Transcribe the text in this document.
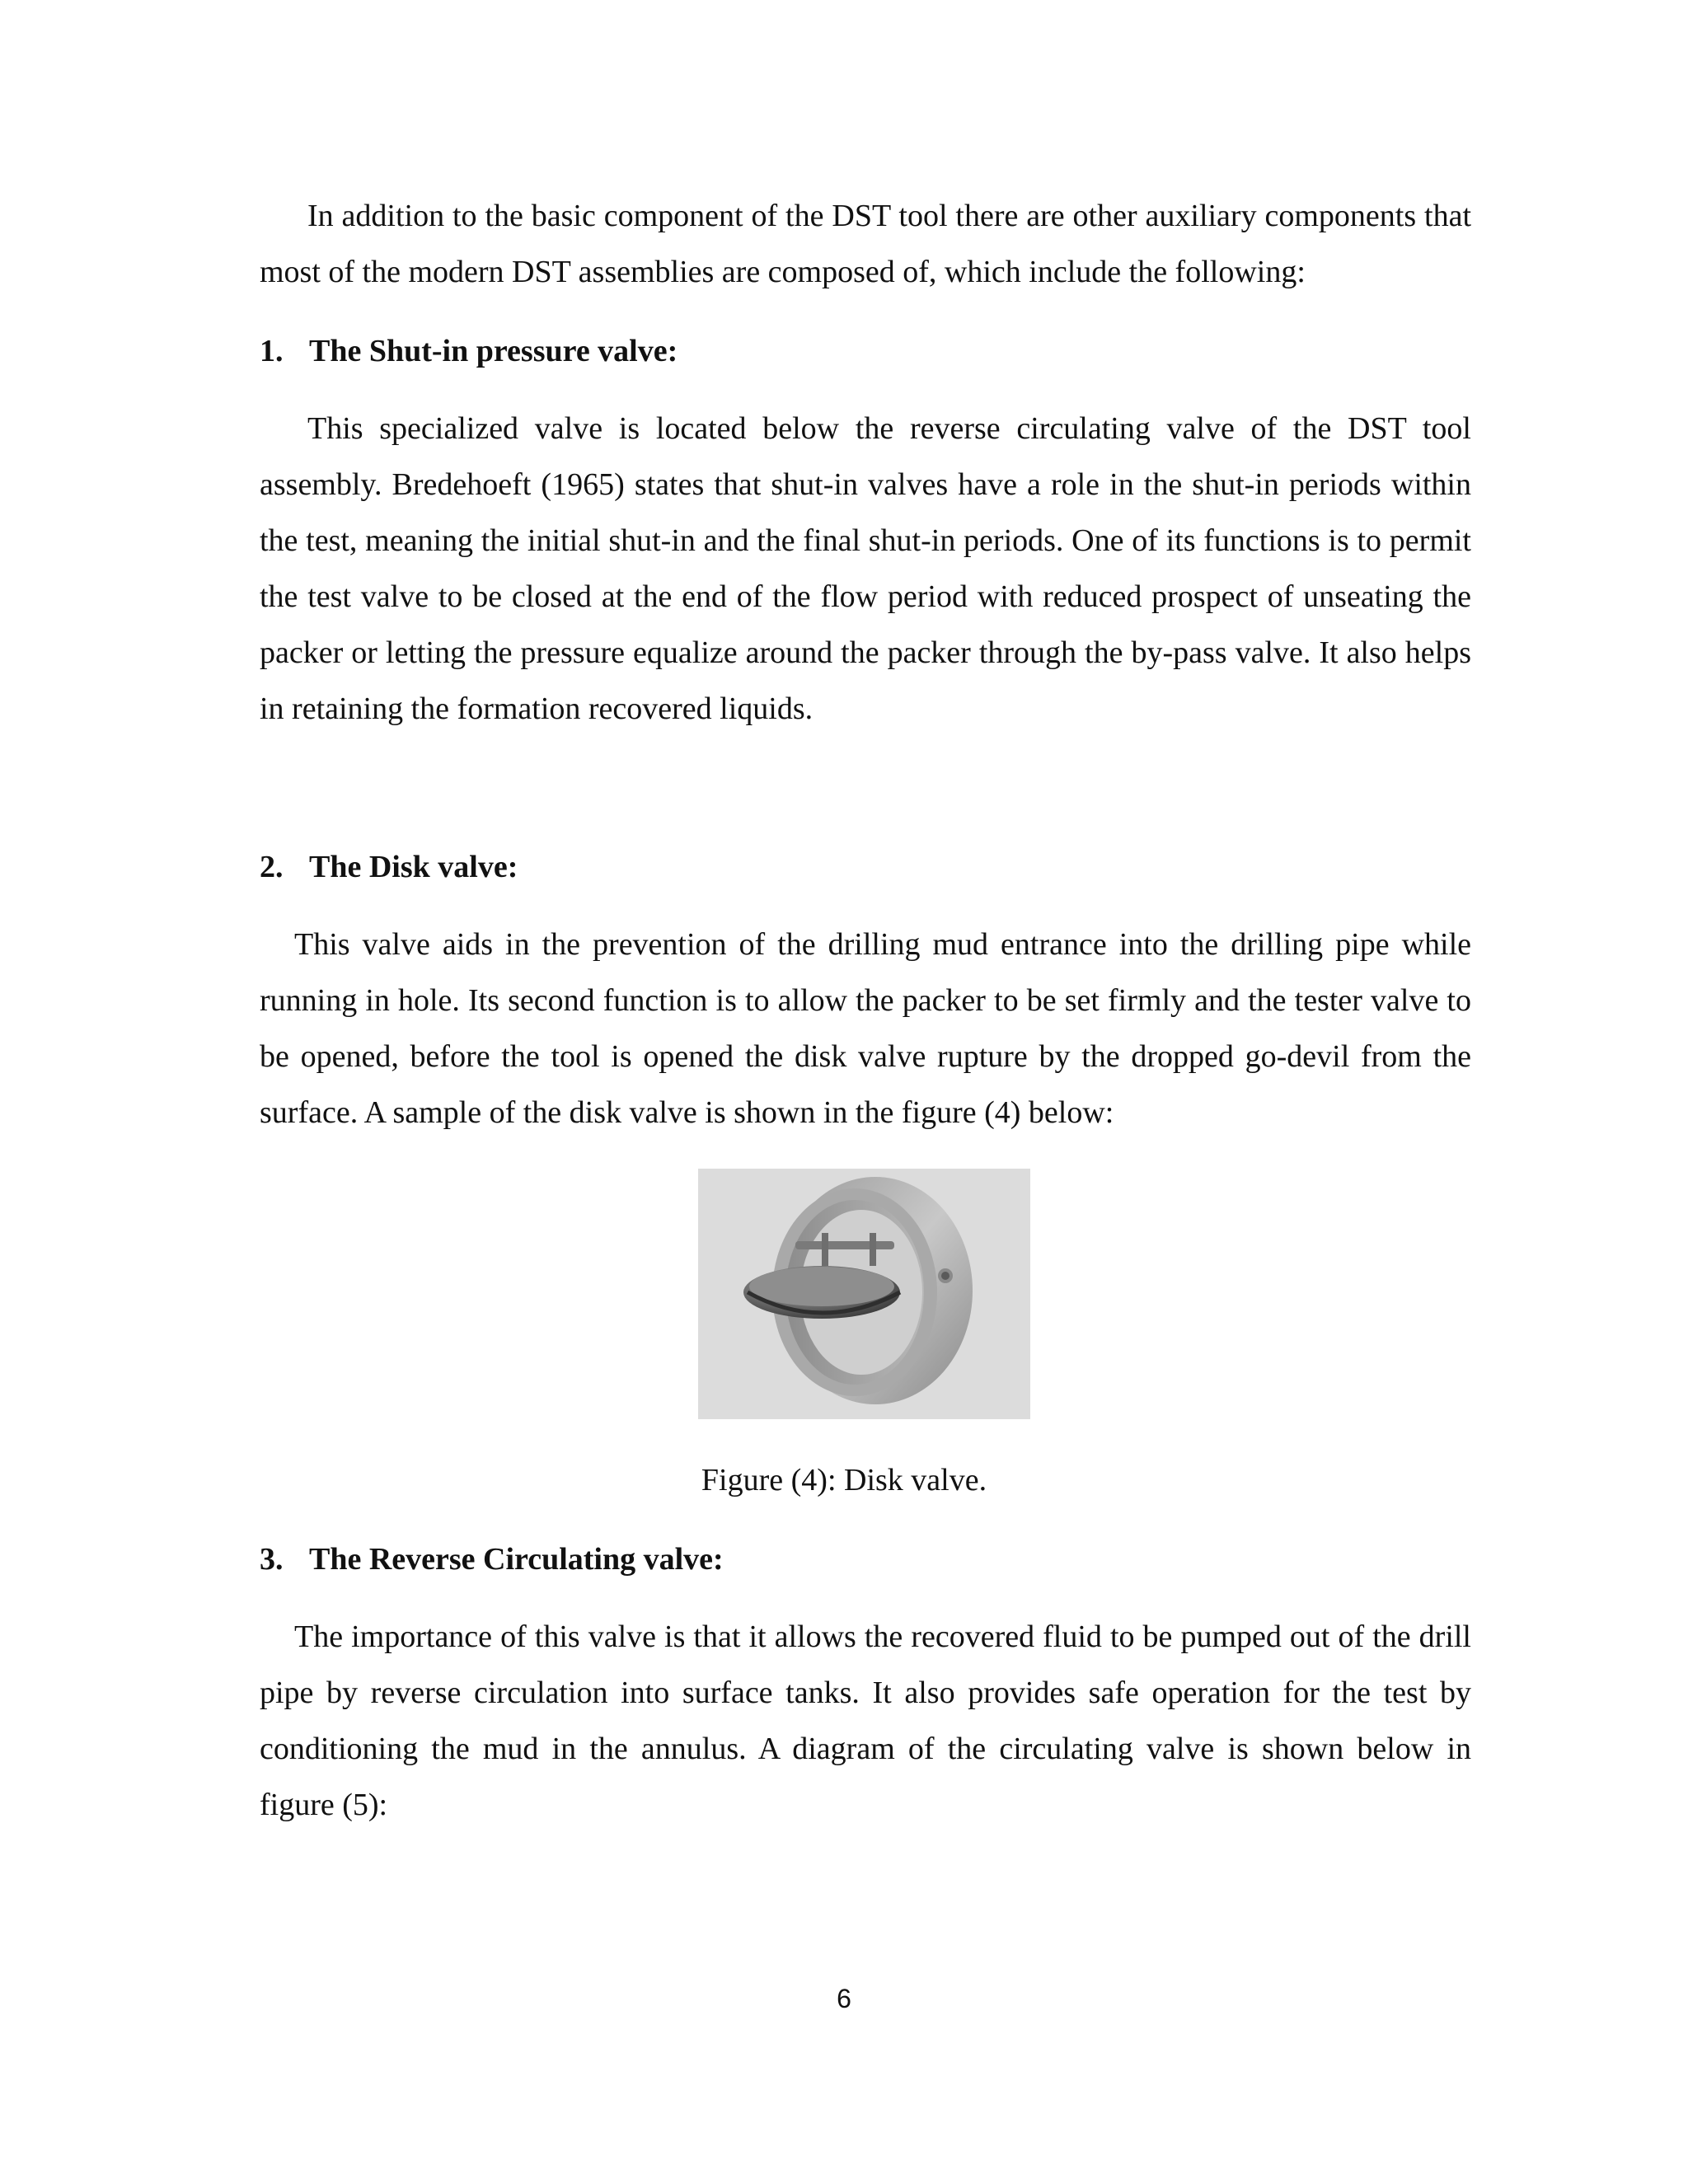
In addition to the basic component of the DST tool there are other auxiliary components that most of the modern DST assemblies are composed of, which include the following:

1. The Shut-in pressure valve:

This specialized valve is located below the reverse circulating valve of the DST tool assembly. Bredehoeft (1965) states that shut-in valves have a role in the shut-in periods within the test, meaning the initial shut-in and the final shut-in periods. One of its functions is to permit the test valve to be closed at the end of the flow period with reduced prospect of unseating the packer or letting the pressure equalize around the packer through the by-pass valve. It also helps in retaining the formation recovered liquids.

2. The Disk valve:

This valve aids in the prevention of the drilling mud entrance into the drilling pipe while running in hole. Its second function is to allow the packer to be set firmly and the tester valve to be opened, before the tool is opened the disk valve rupture by the dropped go-devil from the surface. A sample of the disk valve is shown in the figure (4) below:

Figure (4): Disk valve.
3. The Reverse Circulating valve:

The importance of this valve is that it allows the recovered fluid to be pumped out of the drill pipe by reverse circulation into surface tanks. It also provides safe operation for the test by conditioning the mud in the annulus. A diagram of the circulating valve is shown below in figure (5):

6
